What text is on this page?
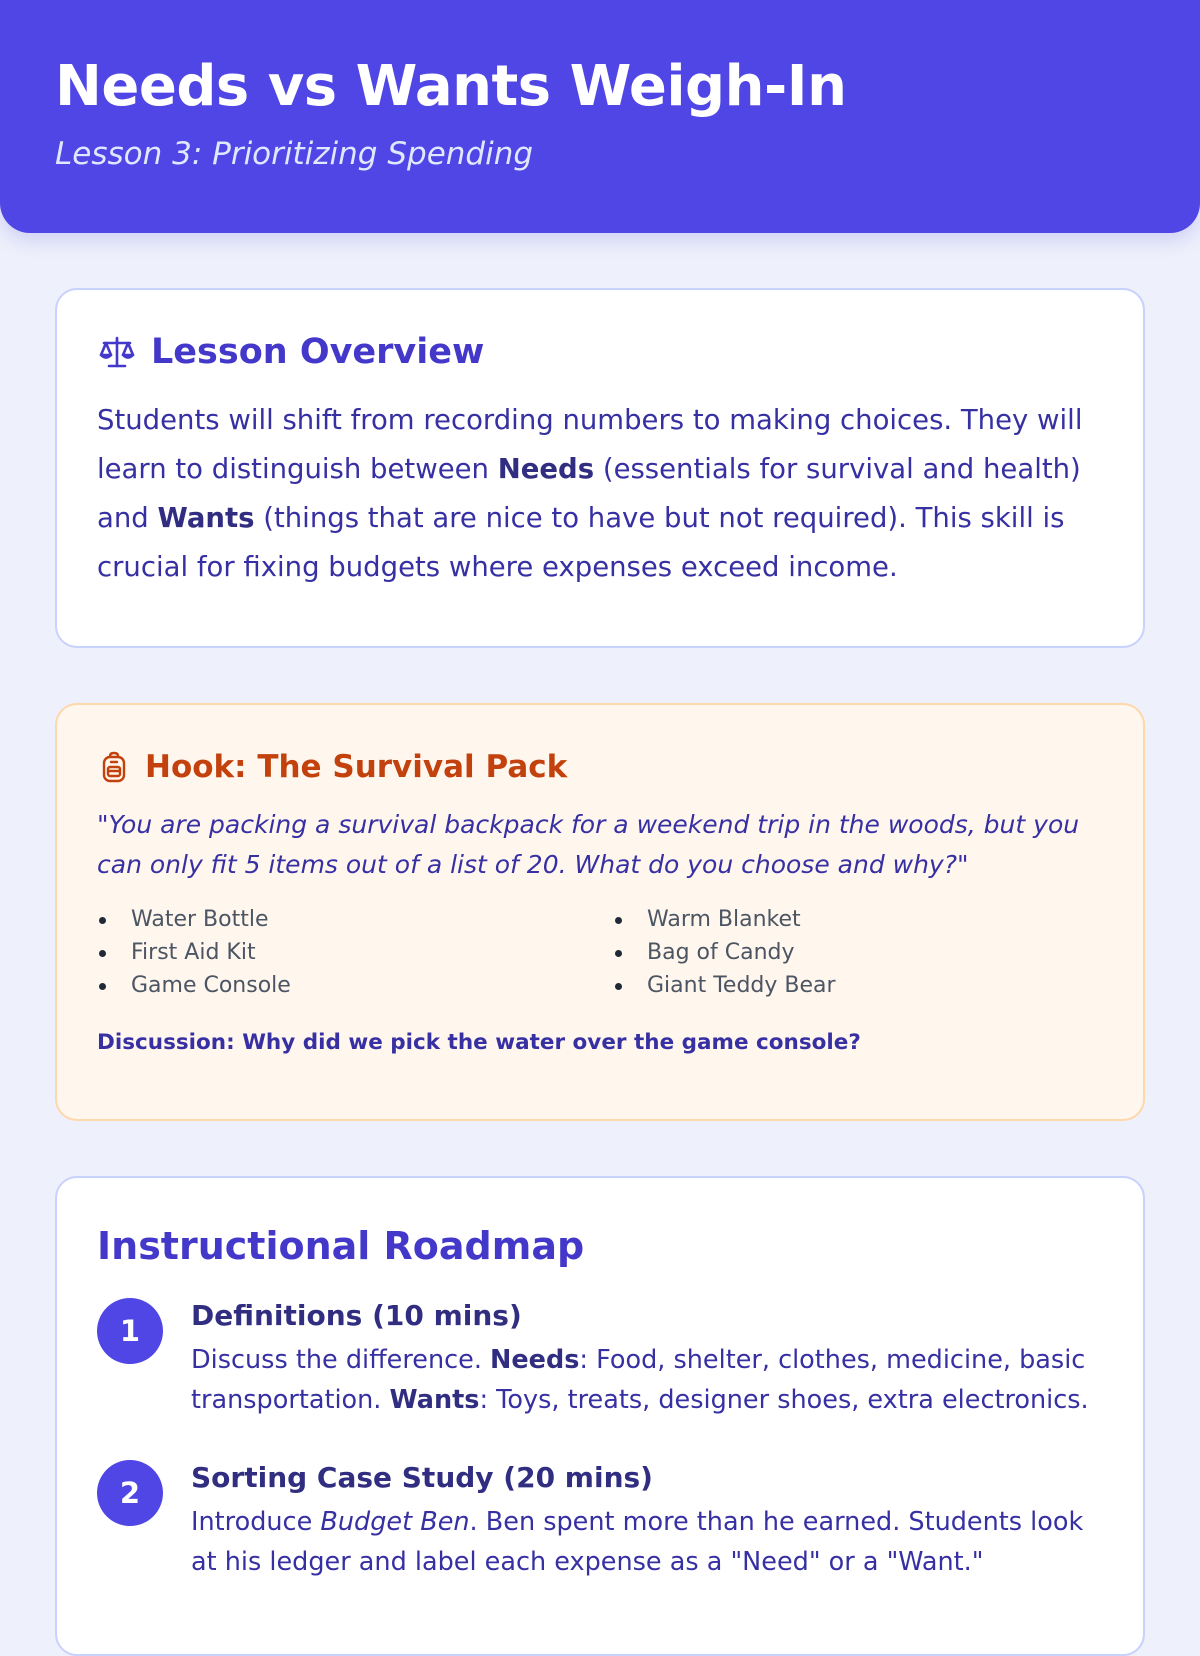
Needs vs Wants Weigh-In
Lesson 3: Prioritizing Spending
Lesson Overview

Students will shift from recording numbers to making choices. They will learn to distinguish between Needs (essentials for survival and health) and Wants (things that are nice to have but not required). This skill is crucial for fixing budgets where expenses exceed income.

Hook: The Survival Pack

"You are packing a survival backpack for a weekend trip in the woods, but you can only fit 5 items out of a list of 20. What do you choose and why?"

Water Bottle	Warm Blanket
First Aid Kit	Bag of Candy
Game Console	Giant Teddy Bear

Discussion: Why did we pick the water over the game console?

Instructional Roadmap
1	Definitions (10 mins)

Discuss the difference. Needs: Food, shelter, clothes, medicine, basic transportation. Wants: Toys, treats, designer shoes, extra electronics.

2	Sorting Case Study (20 mins)

Introduce Budget Ben. Ben spent more than he earned. Students look at his ledger and label each expense as a "Need" or a "Want."
